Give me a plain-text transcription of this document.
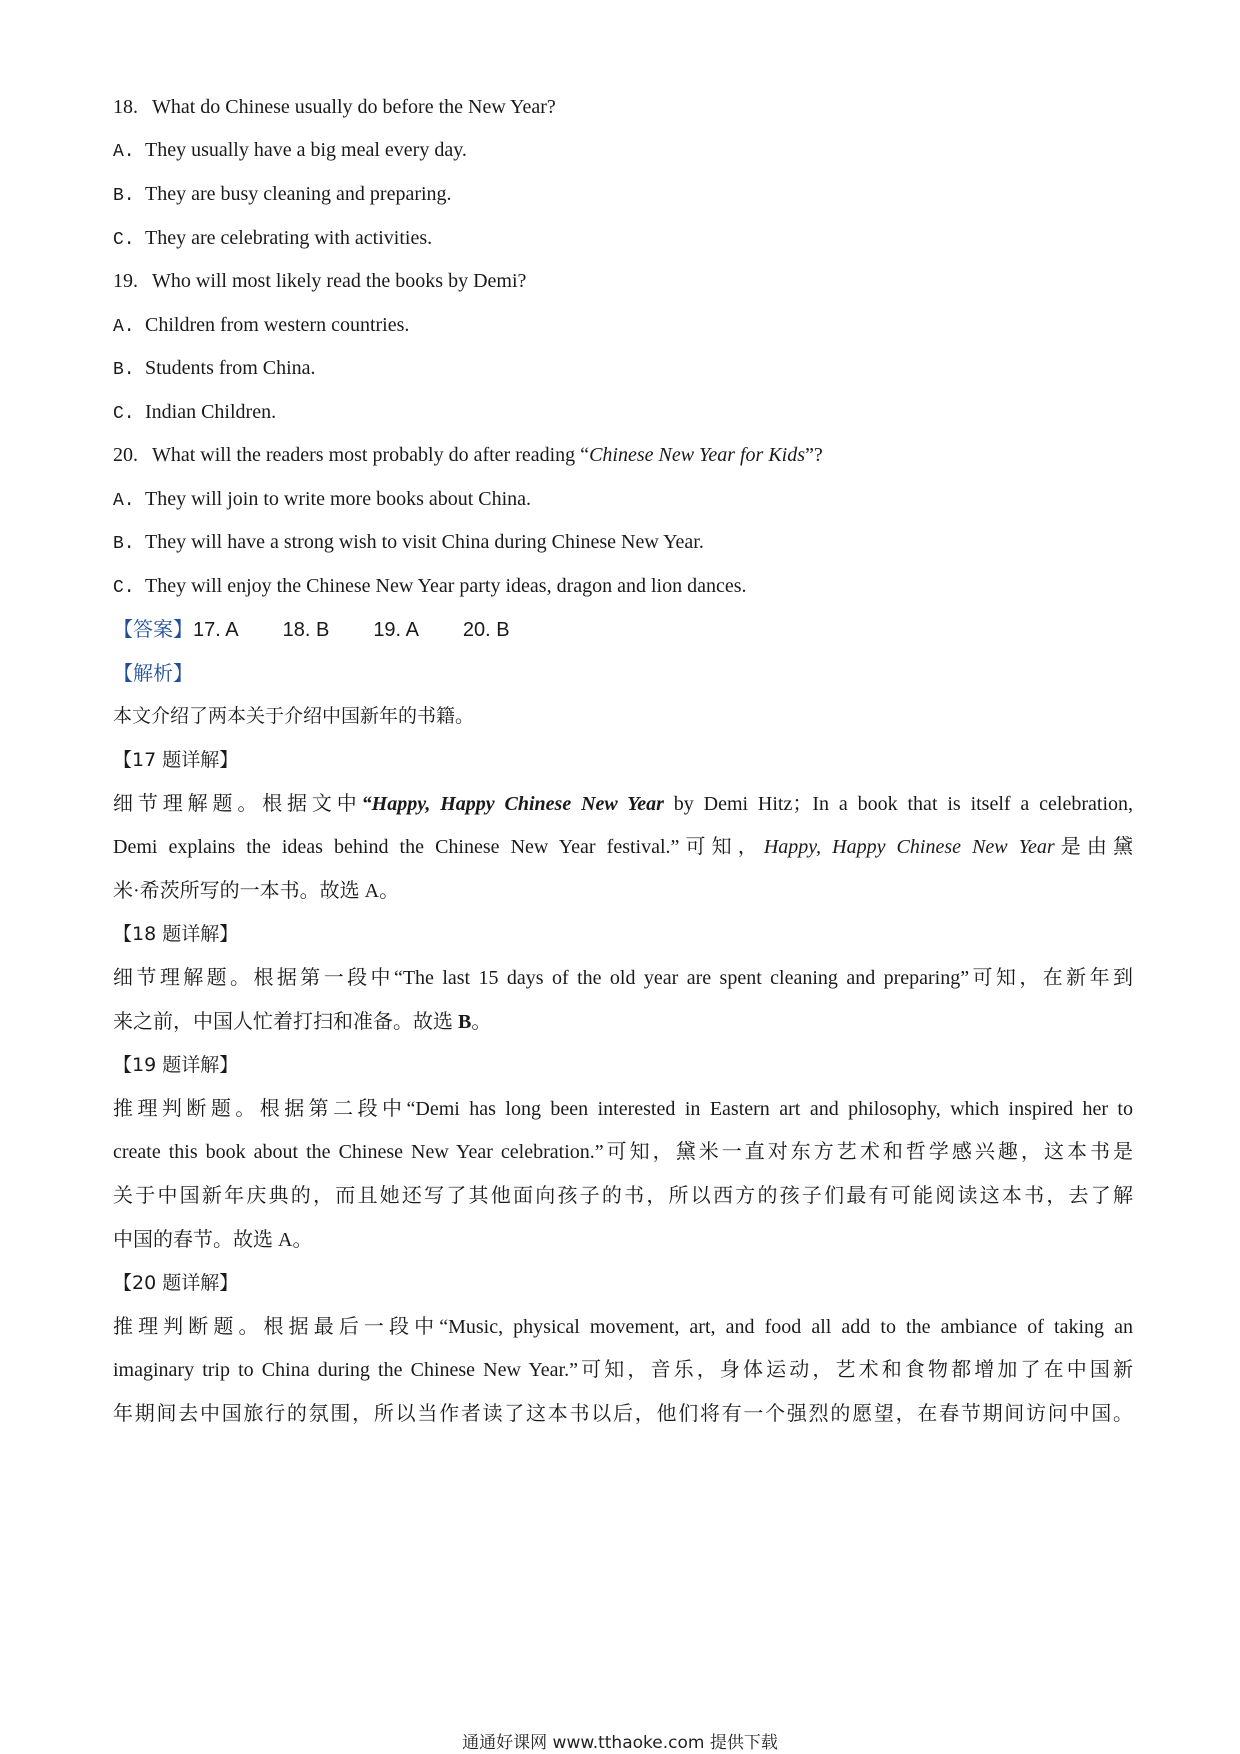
18. What do Chinese usually do before the New Year?
A. They usually have a big meal every day.
B. They are busy cleaning and preparing.
C. They are celebrating with activities.
19. Who will most likely read the books by Demi?
A. Children from western countries.
B. Students from China.
C. Indian Children.
20. What will the readers most probably do after reading “Chinese New Year for Kids”?
A. They will join to write more books about China.
B. They will have a strong wish to visit China during Chinese New Year.
C. They will enjoy the Chinese New Year party ideas, dragon and lion dances.
【答案】17. A 18. B 19. A 20. B
【解析】
本文介绍了两本关于介绍中国新年的书籍。
【17 题详解】
细节理解题。根据文中“Happy, Happy Chinese New Year by Demi Hitz；In a book that is itself a celebration,
Demi explains the ideas behind the Chinese New Year festival.”可知，Happy, Happy Chinese New Year是由黛
米·希茨所写的一本书。故选 A。
【18 题详解】
细节理解题。根据第一段中“The last 15 days of the old year are spent cleaning and preparing”可知，在新年到
来之前，中国人忙着打扫和准备。故选 B。
【19 题详解】
推理判断题。根据第二段中“Demi has long been interested in Eastern art and philosophy, which inspired her to
create this book about the Chinese New Year celebration.”可知，黛米一直对东方艺术和哲学感兴趣，这本书是
关于中国新年庆典的，而且她还写了其他面向孩子的书，所以西方的孩子们最有可能阅读这本书，去了解
中国的春节。故选 A。
【20 题详解】
推理判断题。根据最后一段中“Music, physical movement, art, and food all add to the ambiance of taking an
imaginary trip to China during the Chinese New Year.”可知，音乐，身体运动，艺术和食物都增加了在中国新
年期间去中国旅行的氛围，所以当作者读了这本书以后，他们将有一个强烈的愿望，在春节期间访问中国。
通通好课网 www.tthaoke.com 提供下载
